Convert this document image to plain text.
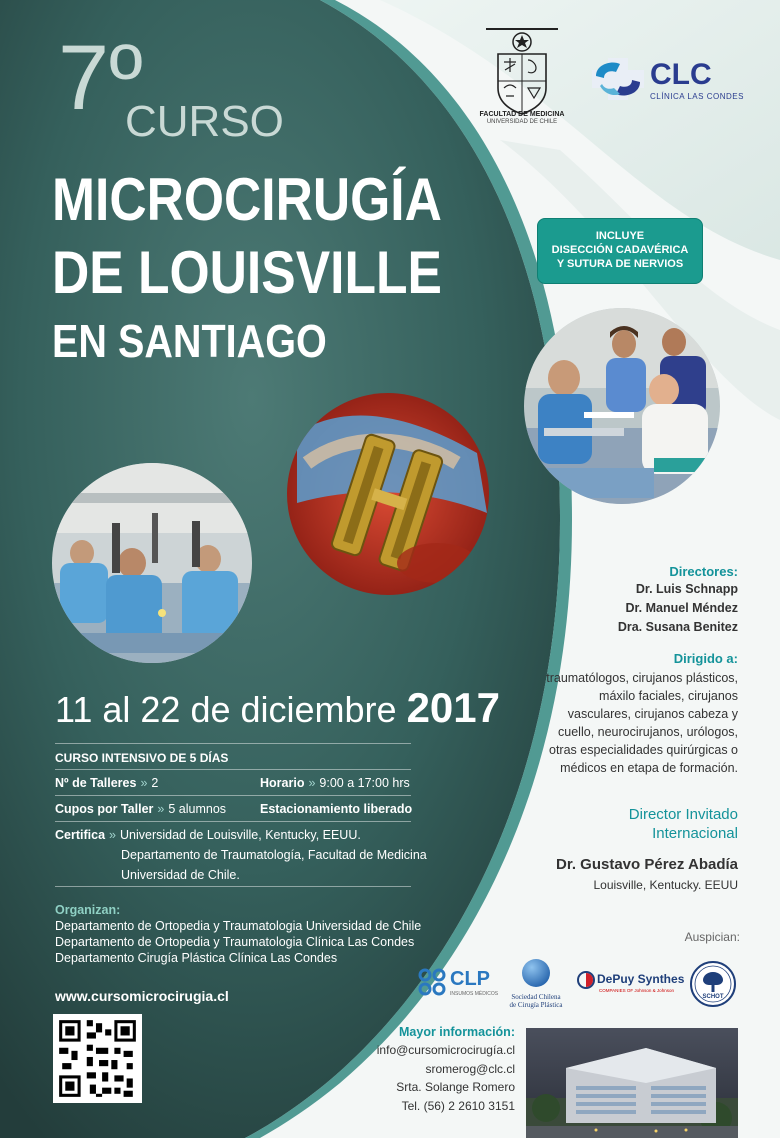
7º
CURSO
MICROCIRUGÍA
DE LOUISVILLE
EN SANTIAGO
FACULTAD DE MEDICINA
UNIVERSIDAD DE CHILE
CLC
CLÍNICA LAS CONDES
INCLUYE
DISECCIÓN CADAVÉRICA
Y SUTURA DE NERVIOS
11 al 22 de diciembre 2017
CURSO INTENSIVO DE 5 DÍAS
Nº de Talleres » 2	Horario » 9:00 a 17:00 hrs
Cupos por Taller » 5 alumnos	Estacionamiento liberado
Certifica » Universidad de Louisville, Kentucky, EEUU.
Departamento de Traumatología, Facultad de Medicina
Universidad de Chile.
Organizan:
Departamento de Ortopedia y Traumatologia Universidad de Chile
Departamento de Ortopedia y Traumatologia Clínica Las Condes
Departamento Cirugía Plástica Clínica Las Condes
www.cursomicrocirugia.cl
Directores:
Dr. Luis Schnapp
Dr. Manuel Méndez
Dra. Susana Benitez
Dirigido a:
traumatólogos, cirujanos plásticos,
máxilo faciales, cirujanos
vasculares, cirujanos cabeza y
cuello, neurocirujanos, urólogos,
otras especialidades quirúrgicas o
médicos en etapa de formación.
Director Invitado
Internacional
Dr. Gustavo Pérez Abadía
Louisville, Kentucky. EEUU
Auspician:
CLP
INSUMOS MÉDICOS	Sociedad Chilena
de Cirugía Plástica
DePuy Synthes
COMPANIES OF Johnson & Johnson
SCHOT
Mayor información:
info@cursomicrocirugía.cl
sromerog@clc.cl
Srta. Solange Romero
Tel. (56) 2 2610 3151
